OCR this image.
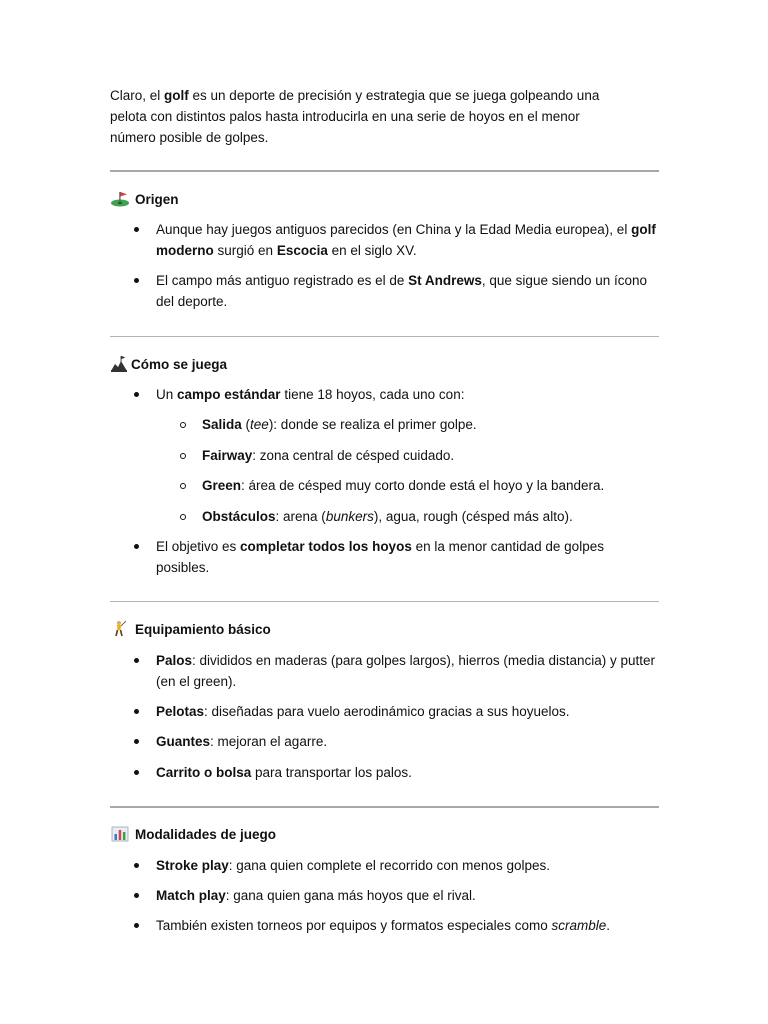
Claro, el golf es un deporte de precisión y estrategia que se juega golpeando una pelota con distintos palos hasta introducirla en una serie de hoyos en el menor número posible de golpes.

Origen
Aunque hay juegos antiguos parecidos (en China y la Edad Media europea), el golf moderno surgió en Escocia en el siglo XV.
El campo más antiguo registrado es el de St Andrews, que sigue siendo un ícono del deporte.
Cómo se juega
Un campo estándar tiene 18 hoyos, cada uno con:
Salida (tee): donde se realiza el primer golpe.
Fairway: zona central de césped cuidado.
Green: área de césped muy corto donde está el hoyo y la bandera.
Obstáculos: arena (bunkers), agua, rough (césped más alto).
El objetivo es completar todos los hoyos en la menor cantidad de golpes posibles.
Equipamiento básico
Palos: divididos en maderas (para golpes largos), hierros (media distancia) y putter (en el green).
Pelotas: diseñadas para vuelo aerodinámico gracias a sus hoyuelos.
Guantes: mejoran el agarre.
Carrito o bolsa para transportar los palos.
Modalidades de juego
Stroke play: gana quien complete el recorrido con menos golpes.
Match play: gana quien gana más hoyos que el rival.
También existen torneos por equipos y formatos especiales como scramble.
